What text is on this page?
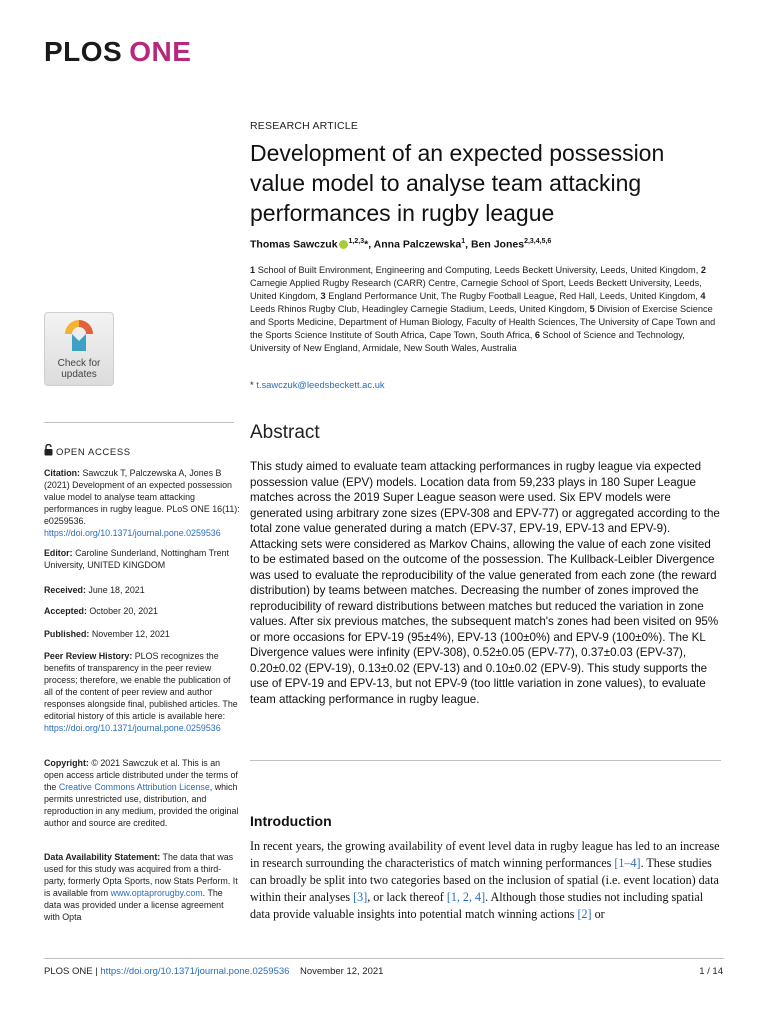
PLOS ONE
Check for
updates
RESEARCH ARTICLE
Development of an expected possession value model to analyse team attacking performances in rugby league
Thomas Sawczuk $^{1,2,3}$*, Anna Palczewska$^1$, Ben Jones$^{2,3,4,5,6}$
1 School of Built Environment, Engineering and Computing, Leeds Beckett University, Leeds, United Kingdom, 2 Carnegie Applied Rugby Research (CARR) Centre, Carnegie School of Sport, Leeds Beckett University, Leeds, United Kingdom, 3 England Performance Unit, The Rugby Football League, Red Hall, Leeds, United Kingdom, 4 Leeds Rhinos Rugby Club, Headingley Carnegie Stadium, Leeds, United Kingdom, 5 Division of Exercise Science and Sports Medicine, Department of Human Biology, Faculty of Health Sciences, The University of Cape Town and the Sports Science Institute of South Africa, Cape Town, South Africa, 6 School of Science and Technology, University of New England, Armidale, New South Wales, Australia
* t.sawczuk@leedsbeckett.ac.uk
OPEN ACCESS
Citation: Sawczuk T, Palczewska A, Jones B (2021) Development of an expected possession value model to analyse team attacking performances in rugby league. PLoS ONE 16(11): e0259536. https://doi.org/10.1371/journal.pone.0259536
Editor: Caroline Sunderland, Nottingham Trent University, UNITED KINGDOM
Received: June 18, 2021
Accepted: October 20, 2021
Published: November 12, 2021
Peer Review History: PLOS recognizes the benefits of transparency in the peer review process; therefore, we enable the publication of all of the content of peer review and author responses alongside final, published articles. The editorial history of this article is available here: https://doi.org/10.1371/journal.pone.0259536
Copyright: © 2021 Sawczuk et al. This is an open access article distributed under the terms of the Creative Commons Attribution License, which permits unrestricted use, distribution, and reproduction in any medium, provided the original author and source are credited.
Data Availability Statement: The data that was used for this study was acquired from a third-party, formerly Opta Sports, now Stats Perform. It is available from www.optaprorugby.com. The data was provided under a license agreement with Opta
Abstract
This study aimed to evaluate team attacking performances in rugby league via expected possession value (EPV) models. Location data from 59,233 plays in 180 Super League matches across the 2019 Super League season were used. Six EPV models were generated using arbitrary zone sizes (EPV-308 and EPV-77) or aggregated according to the total zone value generated during a match (EPV-37, EPV-19, EPV-13 and EPV-9). Attacking sets were considered as Markov Chains, allowing the value of each zone visited to be estimated based on the outcome of the possession. The Kullback-Leibler Divergence was used to evaluate the reproducibility of the value generated from each zone (the reward distribution) by teams between matches. Decreasing the number of zones improved the reproducibility of reward distributions between matches but reduced the variation in zone values. After six previous matches, the subsequent match's zones had been visited on 95% or more occasions for EPV-19 (95±4%), EPV-13 (100±0%) and EPV-9 (100±0%). The KL Divergence values were infinity (EPV-308), 0.52±0.05 (EPV-77), 0.37±0.03 (EPV-37), 0.20±0.02 (EPV-19), 0.13±0.02 (EPV-13) and 0.10±0.02 (EPV-9). This study supports the use of EPV-19 and EPV-13, but not EPV-9 (too little variation in zone values), to evaluate team attacking performance in rugby league.
Introduction
In recent years, the growing availability of event level data in rugby league has led to an increase in research surrounding the characteristics of match winning performances [1–4]. These studies can broadly be split into two categories based on the inclusion of spatial (i.e. event location) data within their analyses [3], or lack thereof [1, 2, 4]. Although those studies not including spatial data provide valuable insights into potential match winning actions [2] or
PLOS ONE | https://doi.org/10.1371/journal.pone.0259536 November 12, 2021	1 / 14
